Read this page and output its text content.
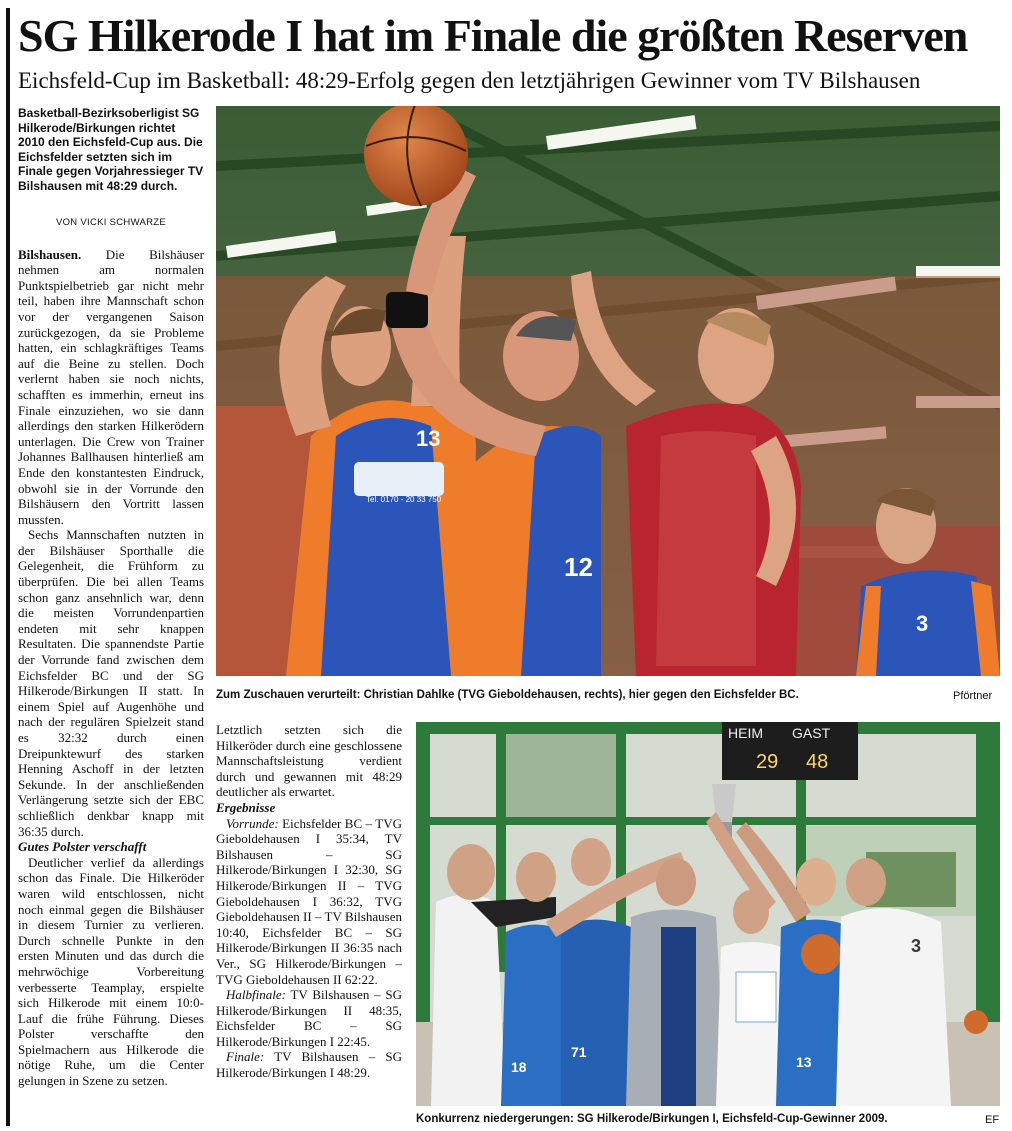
SG Hilkerode I hat im Finale die größten Reserven
Eichsfeld-Cup im Basketball: 48:29-Erfolg gegen den letztjährigen Gewinner vom TV Bilshausen
Basketball-Bezirksoberligist SG Hilkerode/Birkungen richtet 2010 den Eichsfeld-Cup aus. Die Eichsfelder setzten sich im Finale gegen Vorjahressieger TV Bilshausen mit 48:29 durch.
VON VICKI SCHWARZE

Bilshausen. Die Bilshäuser nehmen am normalen Punktspielbetrieb gar nicht mehr teil, haben ihre Mannschaft schon vor der vergangenen Saison zurückgezogen, da sie Probleme hatten, ein schlagkräftiges Teams auf die Beine zu stellen. Doch verlernt haben sie noch nichts, schafften es immerhin, erneut ins Finale einzuziehen, wo sie dann allerdings den starken Hilkerödern unterlagen. Die Crew von Trainer Johannes Ballhausen hinterließ am Ende den konstantesten Eindruck, obwohl sie in der Vorrunde den Bilshäusern den Vortritt lassen mussten.

Sechs Mannschaften nutzten in der Bilshäuser Sporthalle die Gelegenheit, die Frühform zu überprüfen. Die bei allen Teams schon ganz ansehnlich war, denn die meisten Vorrundenpartien endeten mit sehr knappen Resultaten. Die spannendste Partie der Vorrunde fand zwischen dem Eichsfelder BC und der SG Hilkerode/Birkungen II statt. In einem Spiel auf Augenhöhe und nach der regulären Spielzeit stand es 32:32 durch einen Dreipunktewurf des starken Henning Aschoff in der letzten Sekunde. In der anschließenden Verlängerung setzte sich der EBC schließlich denkbar knapp mit 36:35 durch.

Gutes Polster verschafft

Deutlicher verlief da allerdings schon das Finale. Die Hilkeröder waren wild entschlossen, nicht noch einmal gegen die Bilshäuser in diesem Turnier zu verlieren. Durch schnelle Punkte in den ersten Minuten und das durch die mehrwöchige Vorbereitung verbesserte Teamplay, erspielte sich Hilkerode mit einem 10:0-Lauf die frühe Führung. Dieses Polster verschaffte den Spielmachern aus Hilkerode die nötige Ruhe, um die Center gelungen in Szene zu setzen.

Letztlich setzten sich die Hilkeröder durch eine geschlossene Mannschaftsleistung verdient durch und gewannen mit 48:29 deutlicher als erwartet.

Ergebnisse

Vorrunde: Eichsfelder BC – TVG Gieboldehausen I 35:34, TV Bilshausen – SG Hilkerode/Birkungen I 32:30, SG Hilkerode/Birkungen II – TVG Gieboldehausen I 36:32, TVG Gieboldehausen II – TV Bilshausen 10:40, Eichsfelder BC – SG Hilkerode/Birkungen II 36:35 nach Ver., SG Hilkerode/Birkungen – TVG Gieboldehausen II 62:22.

Halbfinale: TV Bilshausen – SG Hilkerode/Birkungen II 48:35, Eichsfelder BC – SG Hilkerode/Birkungen I 22:45.

Finale: TV Bilshausen – SG Hilkerode/Birkungen I 48:29.

13
Tel. 0170 - 20 33 750
12
3
Zum Zuschauen verurteilt: Christian Dahlke (TVG Gieboldehausen, rechts), hier gegen den Eichsfelder BC.	Pförtner
HEIM GAST
29 48
18
71
13
3
Konkurrenz niedergerungen: SG Hilkerode/Birkungen I, Eichsfeld-Cup-Gewinner 2009.	EF
